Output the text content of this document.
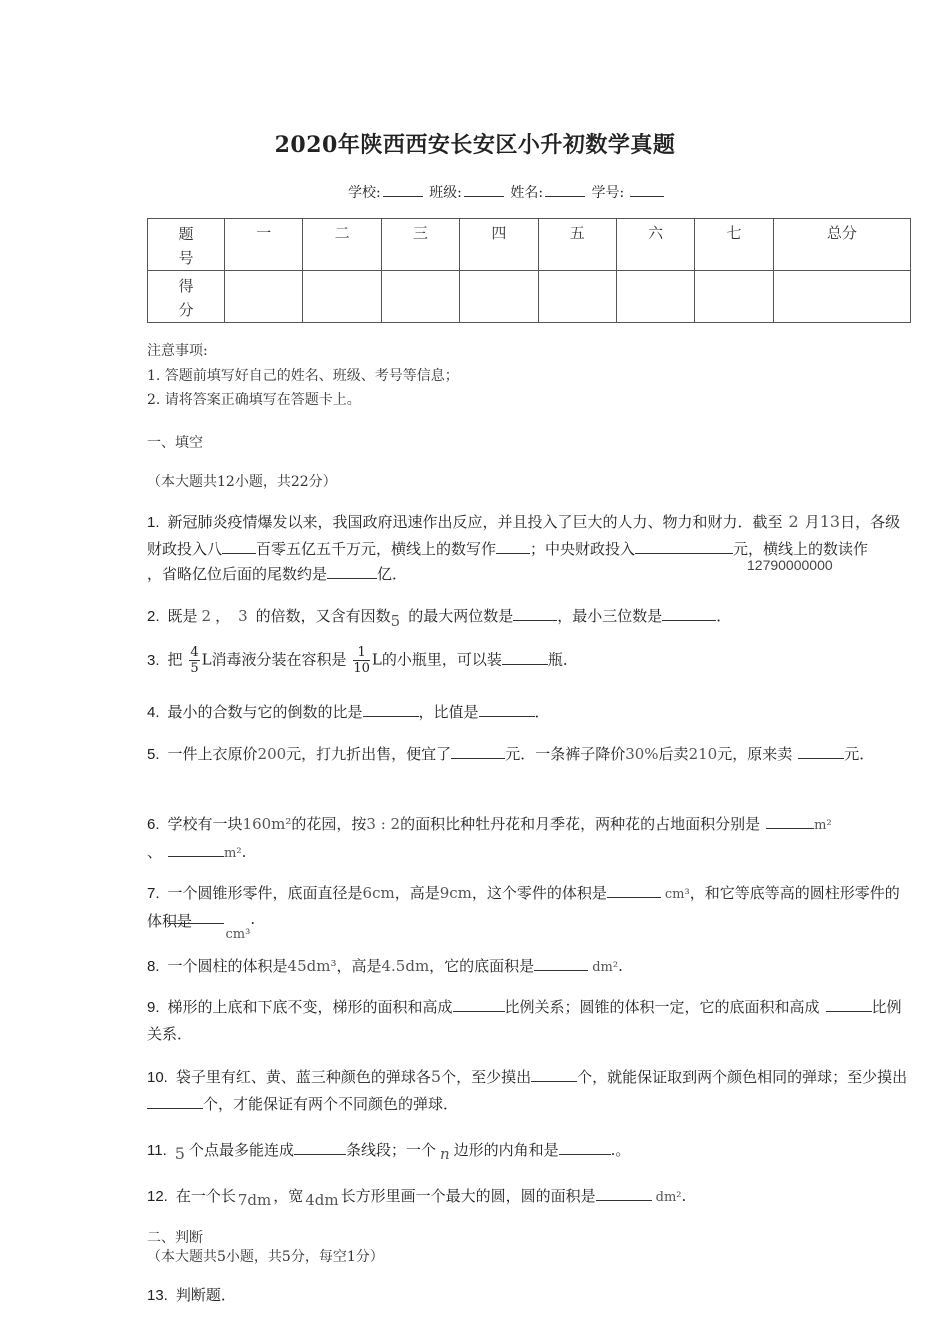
2020年陕西西安长安区小升初数学真题
学校:	班级:	姓名:	学号:
题号	一	二	三	四	五	六	七	总分
得分								
注意事项:
1. 答题前填写好自己的姓名、班级、考号等信息；
2. 请将答案正确填写在答题卡上。
一、填空
（本大题共12小题，共22分）
1. 新冠肺炎疫情爆发以来，我国政府迅速作出反应，并且投入了巨大的人力、物力和财力．截至 2 月13日，各级财政投入八 百零五亿五千万元，横线上的数写作 ；中央财政投入	元，横线上的数读作

，省略亿位后面的尾数约是	亿．	12790000000
2. 既是 2 ， 3 的倍数，又含有因数5 的最大两位数是	，最小三位数是	．
3. 把 $\frac{4}{5}$ L消毒液分装在容积是 $\frac{1}{10}$ L的小瓶里，可以装	瓶．
4. 最小的合数与它的倒数的比是	，比值是	．
5. 一件上衣原价200元，打九折出售，便宜了	元．一条裤子降价30%后卖210元，原来卖	元．
6. 学校有一块160m²的花园，按3 : 2的面积比种牡丹花和月季花，两种花的占地面积分别是	m²
、	m².
7. 一个圆锥形零件，底面直径是6cm，高是9cm，这个零件的体积是	cm³，和它等底等高的圆柱形零件的体积是

cm³.
8. 一个圆柱的体积是45dm³，高是4.5dm，它的底面积是	dm².
9. 梯形的上底和下底不变，梯形的面积和高成	比例关系；圆锥的体积一定，它的底面积和高成	比例关系．
10. 袋子里有红、黄、蓝三种颜色的弹球各5个，至少摸出	个，就能保证取到两个颜色相同的弹球；至少摸出个，才能保证有两个不同颜色的弹球．
11. 5 个点最多能连成	条线段；一个 n 边形的内角和是	.。
12. 在一个长 7dm ，宽 4dm 长方形里画一个最大的圆，圆的面积是	dm².
二、判断
（本大题共5小题，共5分，每空1分）
13. 判断题．
